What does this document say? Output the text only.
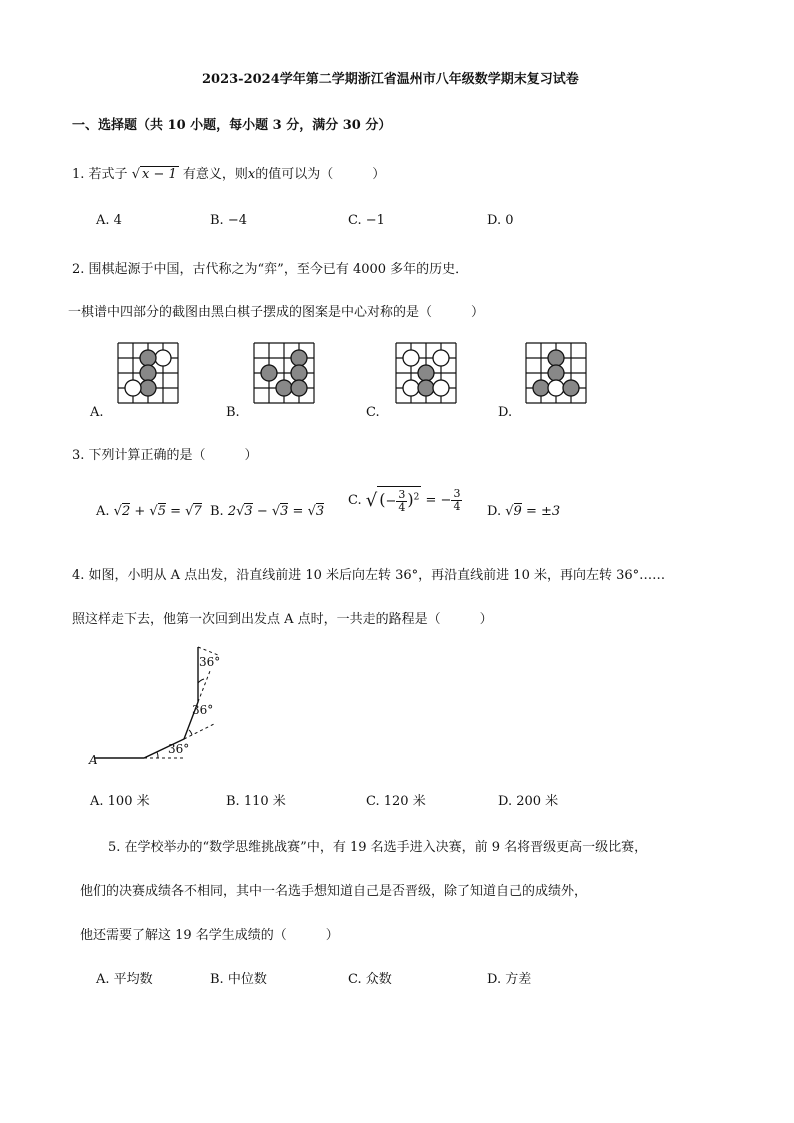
2023-2024学年第二学期浙江省温州市八年级数学期末复习试卷
一、选择题（共 10 小题，每小题 3 分，满分 30 分）
1. 若式子 √ x − 1 有意义，则x的值可以为（　　　）
A. 4	B. −4	C. −1	D. 0
2. 围棋起源于中国，古代称之为“弈”，至今已有 4000 多年的历史．
一棋谱中四部分的截图由黑白棋子摆成的图案是中心对称的是（　　　）
A.	B.	C.	D.
3. 下列计算正确的是（　　　）
A. √2 + √5 = √7 B. 2√3 − √3 = √3
C. √ (− $\frac{3}{4} )^2$ = − $\frac{3}{4} D$. √9 = ±3
4. 如图，小明从 A 点出发，沿直线前进 10 米后向左转 36°，再沿直线前进 10 米，再向左转 36°……
照这样走下去，他第一次回到出发点 A 点时，一共走的路程是（　　　）
A
36°
36°
36°
A. 100 米	B. 110 米	C. 120 米	D. 200 米
5. 在学校举办的“数学思维挑战赛”中，有 19 名选手进入决赛，前 9 名将晋级更高一级比赛，
他们的决赛成绩各不相同，其中一名选手想知道自己是否晋级，除了知道自己的成绩外，
他还需要了解这 19 名学生成绩的（　　　）
A. 平均数	B. 中位数	C. 众数	D. 方差
